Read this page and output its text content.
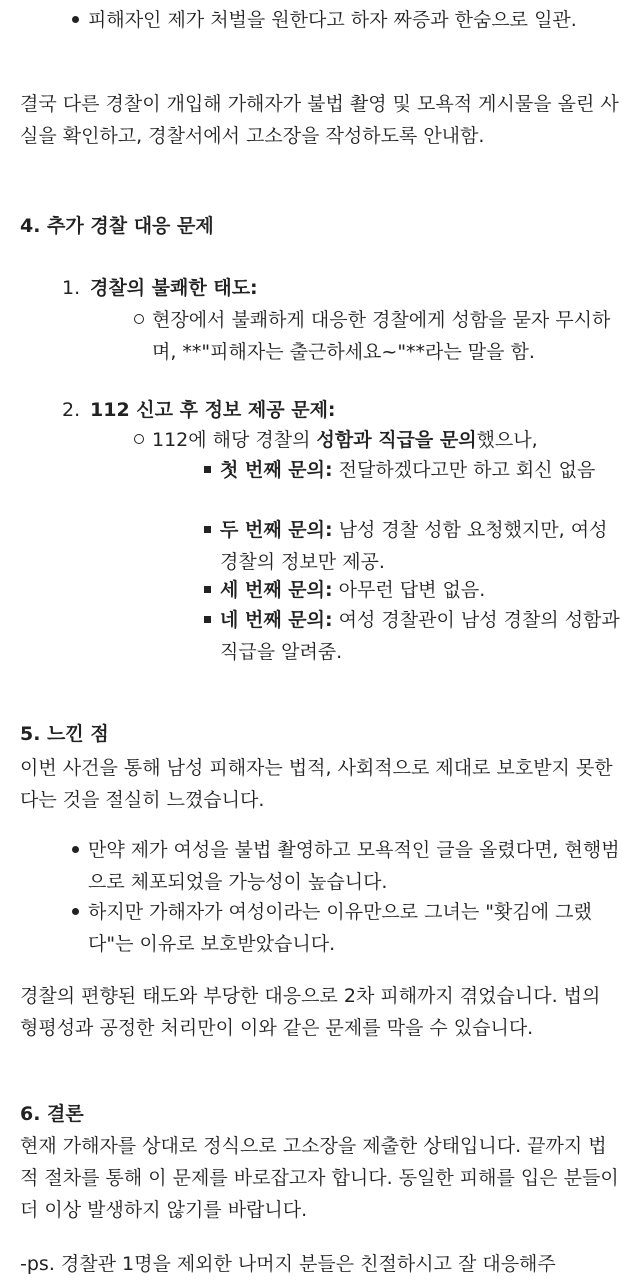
피해자인 제가 처벌을 원한다고 하자 짜증과 한숨으로 일관.

결국 다른 경찰이 개입해 가해자가 불법 촬영 및 모욕적 게시물을 올린 사실을 확인하고, 경찰서에서 고소장을 작성하도록 안내함.

4. 추가 경찰 대응 문제
1. 경찰의 불쾌한 태도:
현장에서 불쾌하게 대응한 경찰에게 성함을 묻자 무시하며, **"피해자는 출근하세요~"**라는 말을 함.
2. 112 신고 후 정보 제공 문제:
112에 해당 경찰의 성함과 직급을 문의했으나,
첫 번째 문의: 전달하겠다고만 하고 회신 없음
두 번째 문의: 남성 경찰 성함 요청했지만, 여성 경찰의 정보만 제공.
세 번째 문의: 아무런 답변 없음.
네 번째 문의: 여성 경찰관이 남성 경찰의 성함과 직급을 알려줌.
5. 느낀 점

이번 사건을 통해 남성 피해자는 법적, 사회적으로 제대로 보호받지 못한다는 것을 절실히 느꼈습니다.

만약 제가 여성을 불법 촬영하고 모욕적인 글을 올렸다면, 현행범으로 체포되었을 가능성이 높습니다.
하지만 가해자가 여성이라는 이유만으로 그녀는 "홧김에 그랬다"는 이유로 보호받았습니다.

경찰의 편향된 태도와 부당한 대응으로 2차 피해까지 겪었습니다. 법의 형평성과 공정한 처리만이 이와 같은 문제를 막을 수 있습니다.

6. 결론

현재 가해자를 상대로 정식으로 고소장을 제출한 상태입니다. 끝까지 법적 절차를 통해 이 문제를 바로잡고자 합니다. 동일한 피해를 입은 분들이 더 이상 발생하지 않기를 바랍니다.

-ps. 경찰관 1명을 제외한 나머지 분들은 친절하시고 잘 대응해주
